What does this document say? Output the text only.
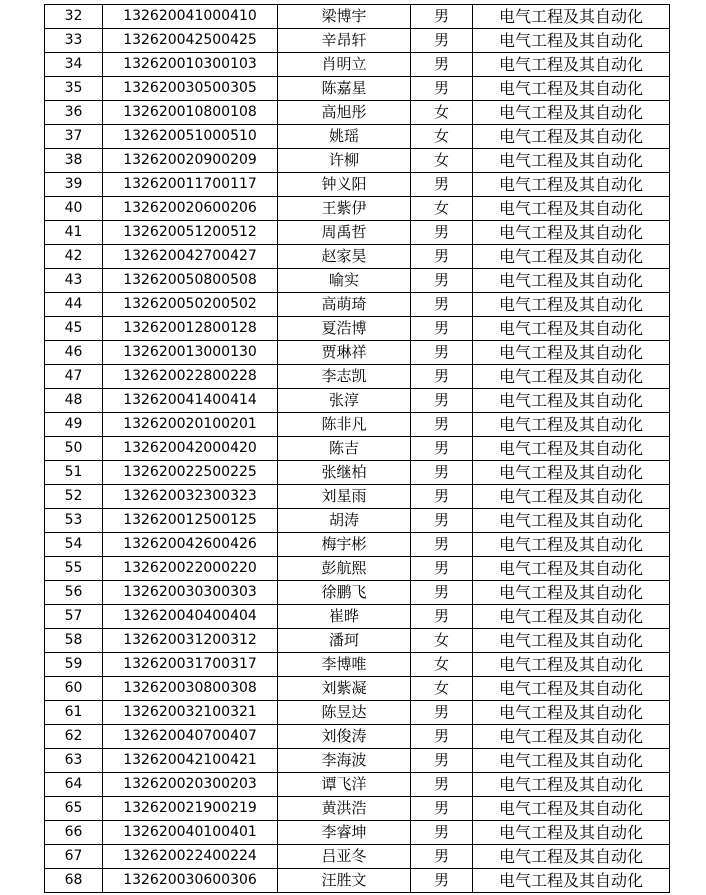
32	132620041000410	梁博宇	男	电气工程及其自动化
33	132620042500425	辛昂轩	男	电气工程及其自动化
34	132620010300103	肖明立	男	电气工程及其自动化
35	132620030500305	陈嘉星	男	电气工程及其自动化
36	132620010800108	高旭彤	女	电气工程及其自动化
37	132620051000510	姚瑶	女	电气工程及其自动化
38	132620020900209	许柳	女	电气工程及其自动化
39	132620011700117	钟义阳	男	电气工程及其自动化
40	132620020600206	王紫伊	女	电气工程及其自动化
41	132620051200512	周禹哲	男	电气工程及其自动化
42	132620042700427	赵家昊	男	电气工程及其自动化
43	132620050800508	喻实	男	电气工程及其自动化
44	132620050200502	高萌琦	男	电气工程及其自动化
45	132620012800128	夏浩博	男	电气工程及其自动化
46	132620013000130	贾琳祥	男	电气工程及其自动化
47	132620022800228	李志凯	男	电气工程及其自动化
48	132620041400414	张淳	男	电气工程及其自动化
49	132620020100201	陈非凡	男	电气工程及其自动化
50	132620042000420	陈吉	男	电气工程及其自动化
51	132620022500225	张继柏	男	电气工程及其自动化
52	132620032300323	刘星雨	男	电气工程及其自动化
53	132620012500125	胡涛	男	电气工程及其自动化
54	132620042600426	梅宇彬	男	电气工程及其自动化
55	132620022000220	彭航熙	男	电气工程及其自动化
56	132620030300303	徐鹏飞	男	电气工程及其自动化
57	132620040400404	崔晔	男	电气工程及其自动化
58	132620031200312	潘珂	女	电气工程及其自动化
59	132620031700317	李博唯	女	电气工程及其自动化
60	132620030800308	刘紫凝	女	电气工程及其自动化
61	132620032100321	陈昱达	男	电气工程及其自动化
62	132620040700407	刘俊涛	男	电气工程及其自动化
63	132620042100421	李海波	男	电气工程及其自动化
64	132620020300203	谭飞洋	男	电气工程及其自动化
65	132620021900219	黄洪浩	男	电气工程及其自动化
66	132620040100401	李睿坤	男	电气工程及其自动化
67	132620022400224	吕亚冬	男	电气工程及其自动化
68	132620030600306	汪胜文	男	电气工程及其自动化
